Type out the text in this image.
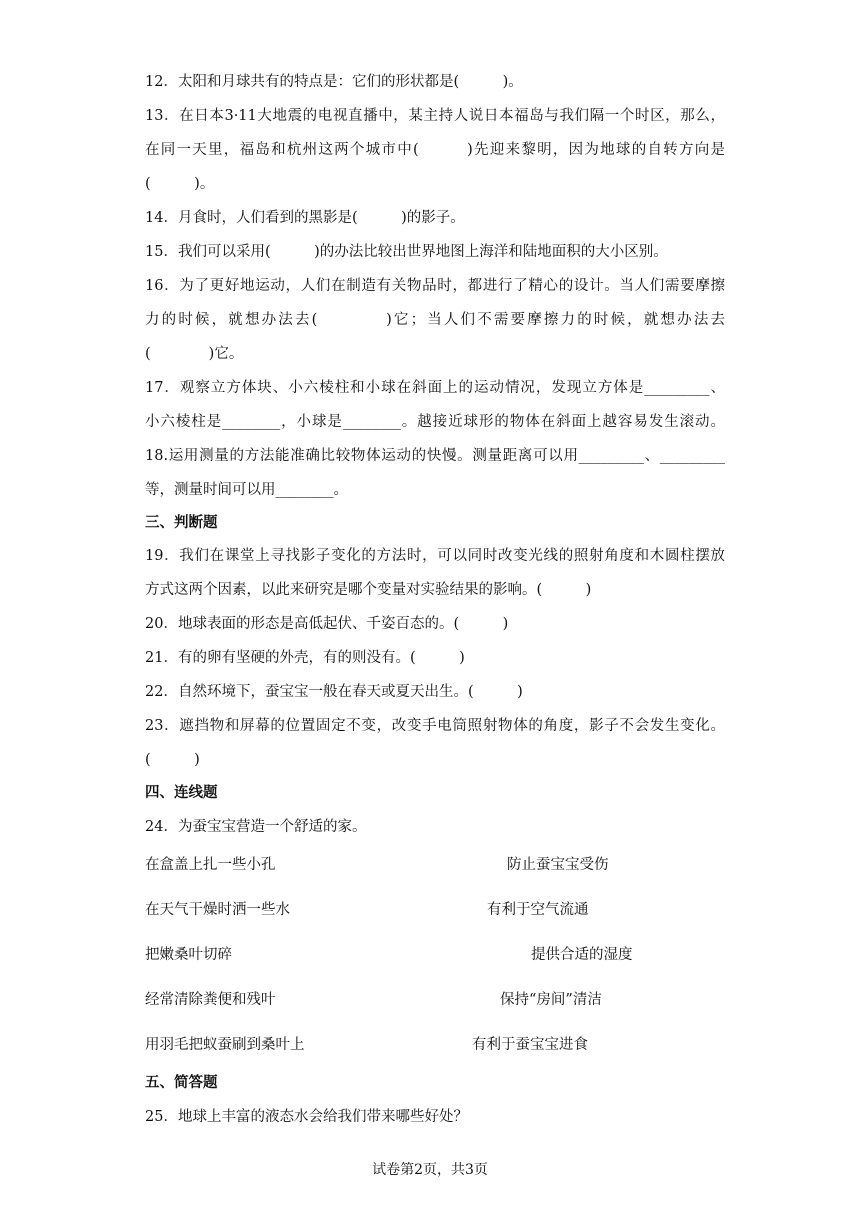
12．太阳和月球共有的特点是：它们的形状都是(　　　)。
13．在日本3·11大地震的电视直播中，某主持人说日本福岛与我们隔一个时区，那么，
在同一天里，福岛和杭州这两个城市中(　　　)先迎来黎明，因为地球的自转方向是
(　　　)。
14．月食时，人们看到的黑影是(　　　)的影子。
15．我们可以采用(　　　)的办法比较出世界地图上海洋和陆地面积的大小区别。
16．为了更好地运动，人们在制造有关物品时，都进行了精心的设计。当人们需要摩擦
力的时候，就想办法去(　　　　)它；当人们不需要摩擦力的时候，就想办法去
(　　　　)它。
17．观察立方体块、小六棱柱和小球在斜面上的运动情况，发现立方体是_________、
小六棱柱是________，小球是________。越接近球形的物体在斜面上越容易发生滚动。
18.运用测量的方法能准确比较物体运动的快慢。测量距离可以用_________、_________
等，测量时间可以用________。
三、判断题
19．我们在课堂上寻找影子变化的方法时，可以同时改变光线的照射角度和木圆柱摆放
方式这两个因素，以此来研究是哪个变量对实验结果的影响。(　　　)
20．地球表面的形态是高低起伏、千姿百态的。(　　　)
21．有的卵有坚硬的外壳，有的则没有。(　　　)
22．自然环境下，蚕宝宝一般在春天或夏天出生。(　　　)
23．遮挡物和屏幕的位置固定不变，改变手电筒照射物体的角度，影子不会发生变化。
(　　　)
四、连线题
24．为蚕宝宝营造一个舒适的家。
在盒盖上扎一些小孔	防止蚕宝宝受伤
在天气干燥时洒一些水	有利于空气流通
把嫩桑叶切碎	提供合适的湿度
经常清除粪便和残叶	保持“房间”清洁
用羽毛把蚁蚕刷到桑叶上	有利于蚕宝宝进食
五、简答题
25．地球上丰富的液态水会给我们带来哪些好处？
试卷第2页，共3页
